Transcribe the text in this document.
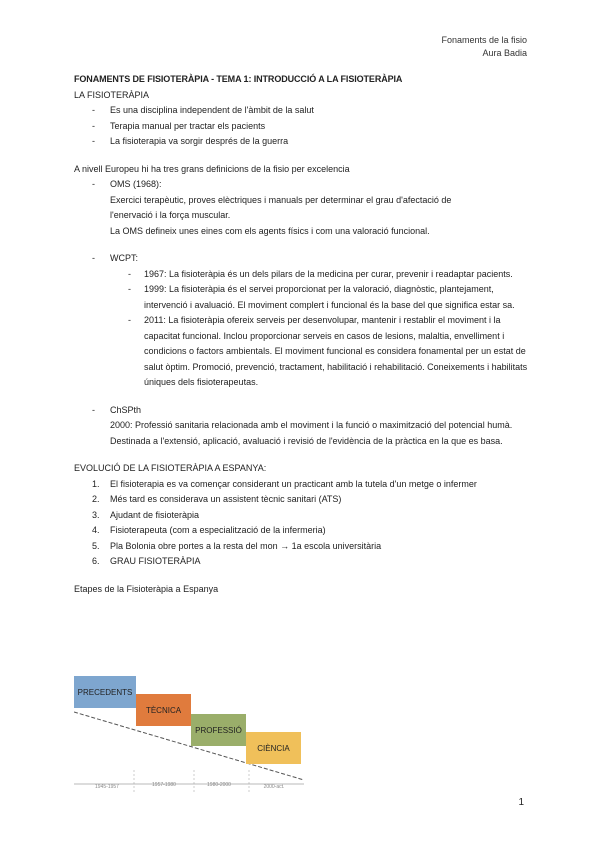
Fonaments de la fisio
Aura Badia
FONAMENTS DE FISIOTERÀPIA - TEMA 1: INTRODUCCIÓ A LA FISIOTERÀPIA
LA FISIOTERÀPIA
- Es una disciplina independent de l'àmbit de la salut
- Terapia manual per tractar els pacients
- La fisioterapia va sorgir després de la guerra
A nivell Europeu hi ha tres grans definicions de la fisio per excelencia
- OMS (1968):
Exercici terapèutic, proves elèctriques i manuals per determinar el grau d'afectació de
l'enervació i la força muscular.
La OMS defineix unes eines com els agents físics i com una valoració funcional.
- WCPT:
- 1967: La fisioteràpia és un dels pilars de la medicina per curar, prevenir i readaptar pacients.
- 1999: La fisioteràpia és el servei proporcionat per la valoració, diagnòstic, plantejament, intervenció i avaluació. El moviment complert i funcional és la base del que significa estar sa.
- 2011: La fisioteràpia ofereix serveis per desenvolupar, mantenir i restablir el moviment i la capacitat funcional. Inclou proporcionar serveis en casos de lesions, malaltia, envelliment i condicions o factors ambientals. El moviment funcional es considera fonamental per un estat de salut òptim. Promoció, prevenció, tractament, habilitació i rehabilitació. Coneixements i habilitats úniques dels fisioterapeutas.
- ChSPth
2000: Professió sanitaria relacionada amb el moviment i la funció o maximització del potencial humà. Destinada a l'extensió, aplicació, avaluació i revisió de l'evidència de la pràctica en la que es basa.
EVOLUCIÓ DE LA FISIOTERÀPIA A ESPANYA:
1. El fisioterapia es va començar considerant un practicant amb la tutela d'un metge o infermer
2. Més tard es considerava un assistent tècnic sanitari (ATS)
3. Ajudant de fisioteràpia
4. Fisioterapeuta (com a especialització de la infermeria)
5. Pla Bolonia obre portes a la resta del mon → 1a escola universitària
6. GRAU FISIOTERÀPIA
Etapes de la Fisioteràpia a Espanya
PRECEDENTS
TÈCNICA
PROFESSIÓ
CIÈNCIA
1945-1957	1957-1980	1980-2000	2000-act.
1
